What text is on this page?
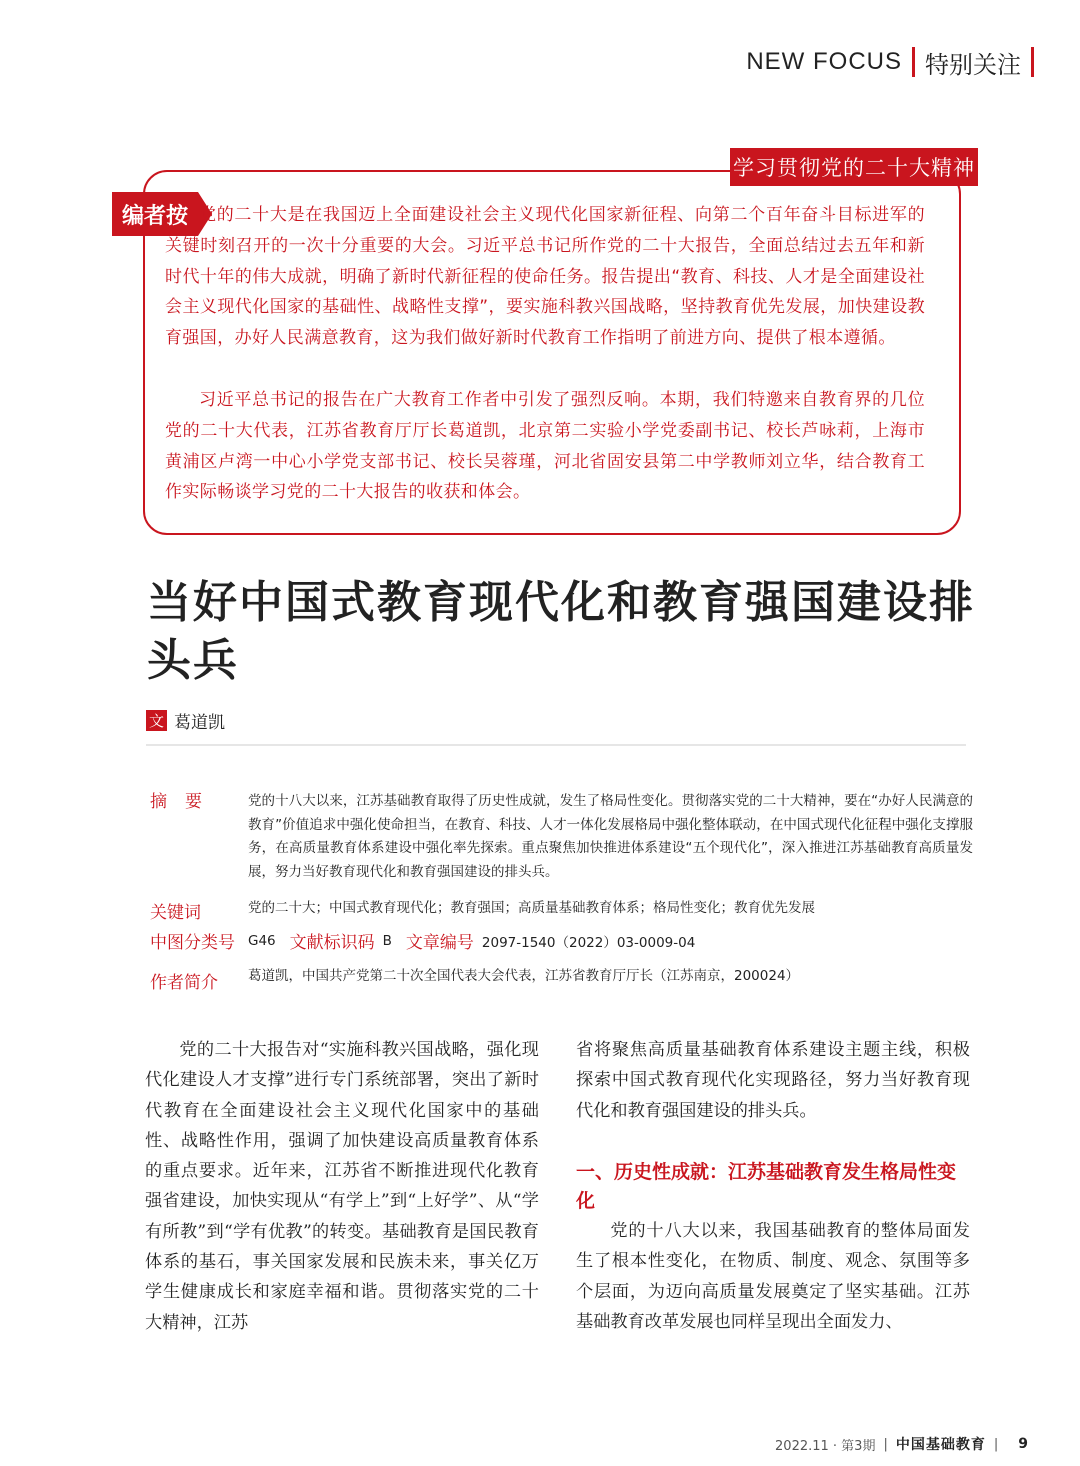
NEW FOCUS 特别关注
学习贯彻党的二十大精神
编者按 党的二十大是在我国迈上全面建设社会主义现代化国家新征程、向第二个百年奋斗目标进军的关键时刻召开的一次十分重要的大会。习近平总书记所作党的二十大报告，全面总结过去五年和新时代十年的伟大成就，明确了新时代新征程的使命任务。报告提出“教育、科技、人才是全面建设社会主义现代化国家的基础性、战略性支撑”，要实施科教兴国战略，坚持教育优先发展，加快建设教育强国，办好人民满意教育，这为我们做好新时代教育工作指明了前进方向、提供了根本遵循。

习近平总书记的报告在广大教育工作者中引发了强烈反响。本期，我们特邀来自教育界的几位党的二十大代表，江苏省教育厅厅长葛道凯，北京第二实验小学党委副书记、校长芦咏莉，上海市黄浦区卢湾一中心小学党支部书记、校长吴蓉瑾，河北省固安县第二中学教师刘立华，结合教育工作实际畅谈学习党的二十大报告的收获和体会。

当好中国式教育现代化和教育强国建设排头兵
文 葛道凯
摘要 党的十八大以来，江苏基础教育取得了历史性成就，发生了格局性变化。贯彻落实党的二十大精神，要在“办好人民满意的教育”价值追求中强化使命担当，在教育、科技、人才一体化发展格局中强化整体联动，在中国式现代化征程中强化支撑服务，在高质量教育体系建设中强化率先探索。重点聚焦加快推进体系建设“五个现代化”，深入推进江苏基础教育高质量发展，努力当好教育现代化和教育强国建设的排头兵。

关键词	党的二十大；中国式教育现代化；教育强国；高质量基础教育体系；格局性变化；教育优先发展

中图分类号 G46 文献标识码 B 文章编号 2097-1540（2022）03-0009-04
作者简介 葛道凯，中国共产党第二十次全国代表大会代表，江苏省教育厅厅长（江苏南京，200024）

党的二十大报告对“实施科教兴国战略，强化现代化建设人才支撑”进行专门系统部署，突出了新时代教育在全面建设社会主义现代化国家中的基础性、战略性作用，强调了加快建设高质量教育体系的重点要求。近年来，江苏省不断推进现代化教育强省建设，加快实现从“有学上”到“上好学”、从“学有所教”到“学有优教”的转变。基础教育是国民教育体系的基石，事关国家发展和民族未来，事关亿万学生健康成长和家庭幸福和谐。贯彻落实党的二十大精神，江苏

省将聚焦高质量基础教育体系建设主题主线，积极探索中国式教育现代化实现路径，努力当好教育现代化和教育强国建设的排头兵。

一、历史性成就：江苏基础教育发生格局性变化

党的十八大以来，我国基础教育的整体局面发生了根本性变化，在物质、制度、观念、氛围等多个层面，为迈向高质量发展奠定了坚实基础。江苏基础教育改革发展也同样呈现出全面发力、

2022.11 · 第3期 | 中国基础教育 | 9
